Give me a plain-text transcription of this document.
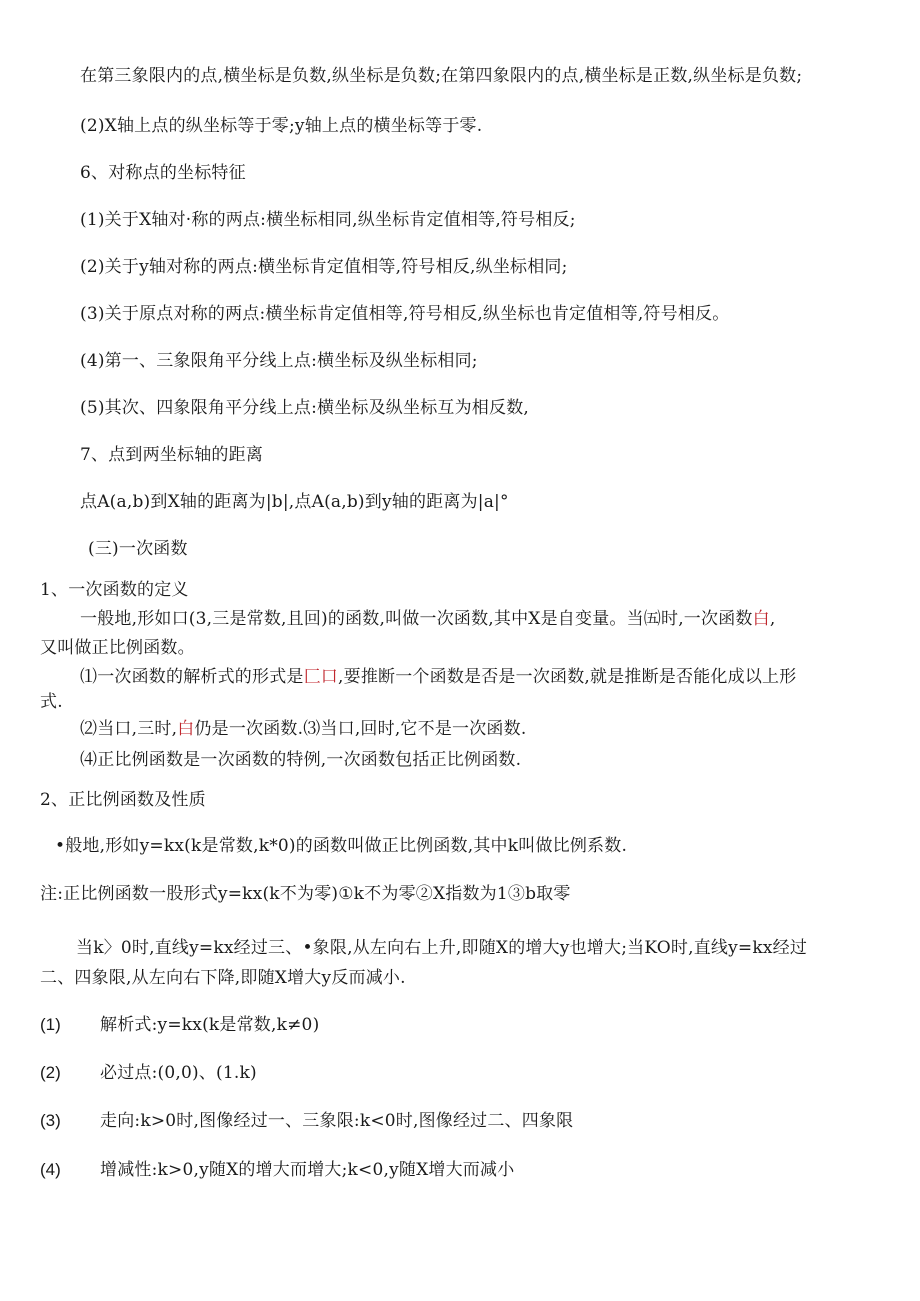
在第三象限内的点,横坐标是负数,纵坐标是负数;在第四象限内的点,横坐标是正数,纵坐标是负数;
(2)X轴上点的纵坐标等于零;y轴上点的横坐标等于零.
6、对称点的坐标特征
(1)关于X轴对·称的两点:横坐标相同,纵坐标肯定值相等,符号相反;
(2)关于y轴对称的两点:横坐标肯定值相等,符号相反,纵坐标相同;
(3)关于原点对称的两点:横坐标肯定值相等,符号相反,纵坐标也肯定值相等,符号相反。
(4)第一、三象限角平分线上点:横坐标及纵坐标相同;
(5)其次、四象限角平分线上点:横坐标及纵坐标互为相反数,
7、点到两坐标轴的距离
点A(a,b)到X轴的距离为|b|,点A(a,b)到y轴的距离为|a|°
(三)一次函数
1、一次函数的定义
一般地,形如口(3,三是常数,且回)的函数,叫做一次函数,其中X是自变量。当㈤时,一次函数白,
又叫做正比例函数。
⑴一次函数的解析式的形式是匚口,要推断一个函数是否是一次函数,就是推断是否能化成以上形
式.
⑵当口,三时,白仍是一次函数.⑶当口,回时,它不是一次函数.
⑷正比例函数是一次函数的特例,一次函数包括正比例函数.
2、正比例函数及性质
•般地,形如y=kx(k是常数,k*0)的函数叫做正比例函数,其中k叫做比例系数.
注:正比例函数一股形式y=kx(k不为零)①k不为零②X指数为1③b取零
当k〉0时,直线y=kx经过三、•象限,从左向右上升,即随X的增大y也增大;当KO时,直线y=kx经过
二、四象限,从左向右下降,即随X增大y反而减小.
(1) 解析式:y=kx(k是常数,k≠0)
(2) 必过点:(0,0)、(1.k)
(3) 走向:k>0时,图像经过一、三象限:k<0时,图像经过二、四象限
(4) 增减性:k>0,y随X的增大而增大;k<0,y随X增大而减小
